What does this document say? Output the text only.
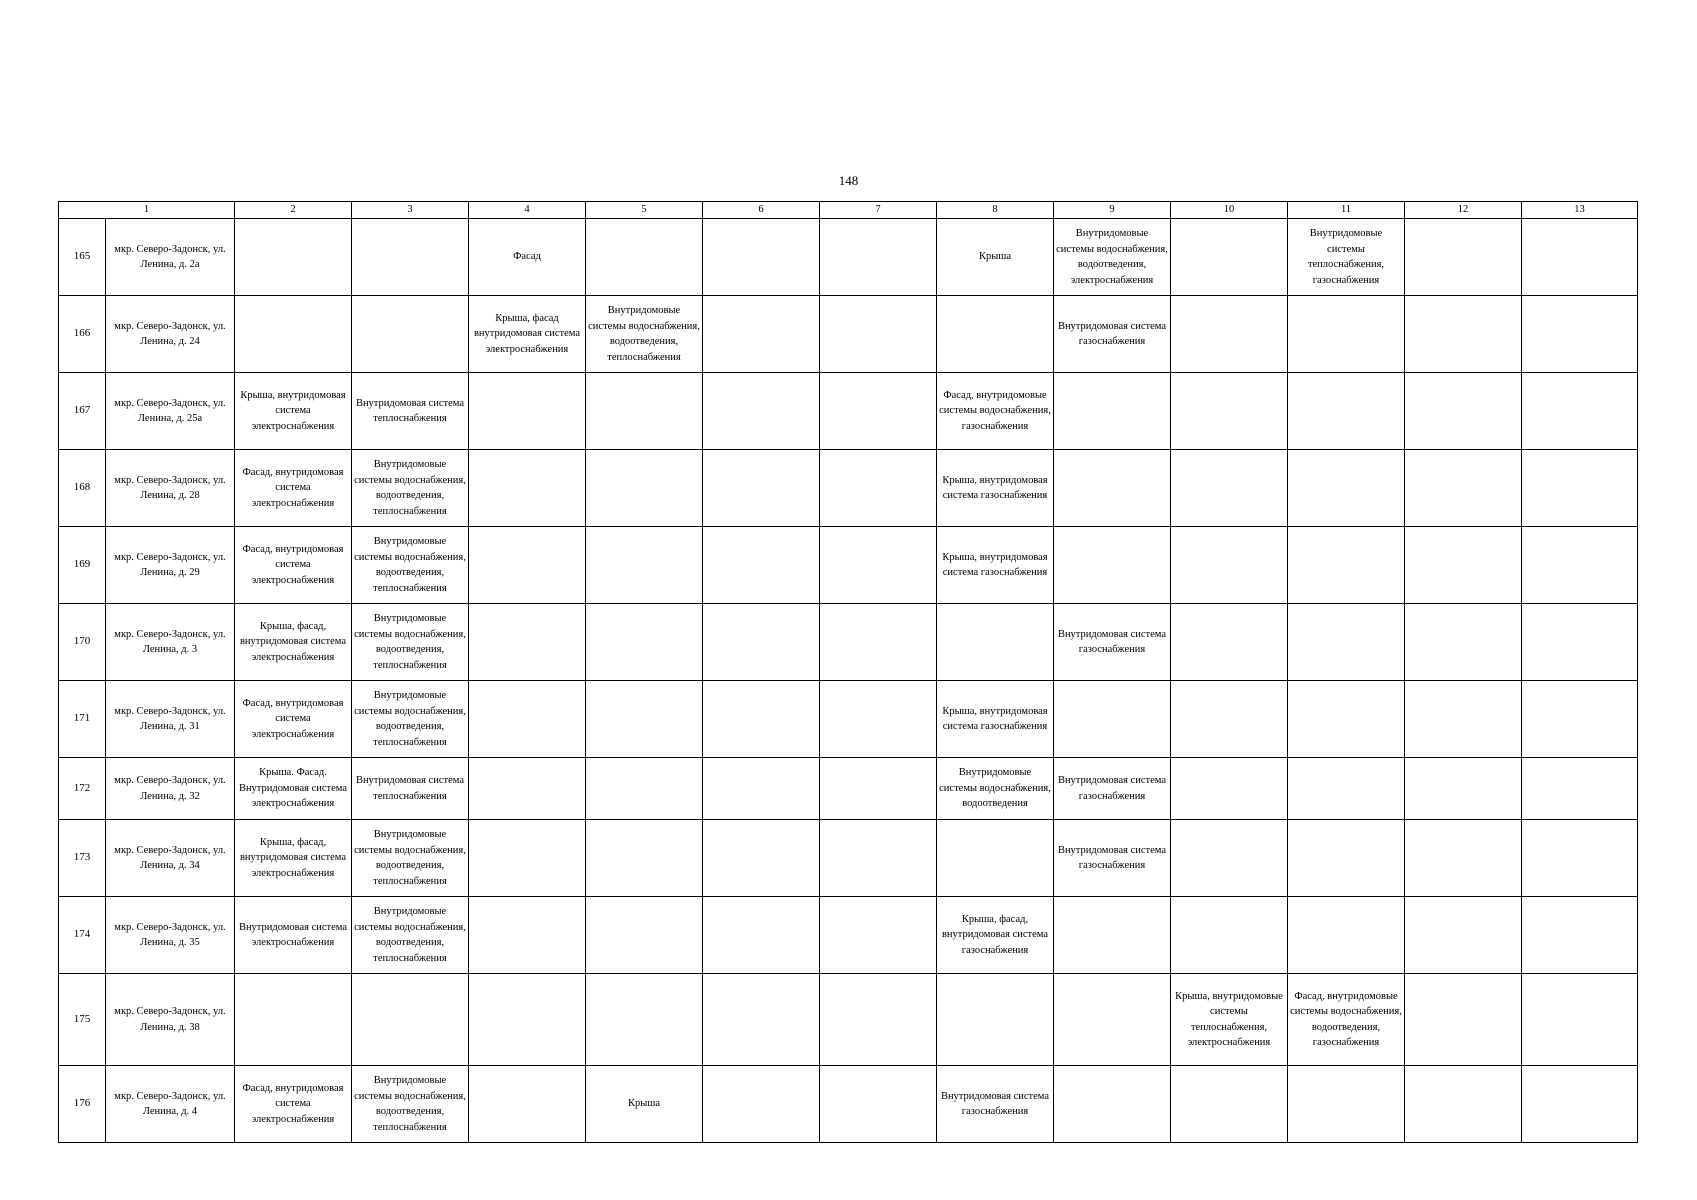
148
1		2	3	4	5	6	7	8	9	10	11	12	13
165	мкр. Северо-Задонск, ул. Ленина, д. 2а			Фасад				Крыша	Внутридомовые системы водоснабжения, водоотведения, электроснабжения		Внутридомовые системы теплоснабжения, газоснабжения		

166	мкр. Северо-Задонск, ул. Ленина, д. 24			Крыша, фасад внутридомовая система электроснабжения	Внутридомовые системы водоснабжения, водоотведения, теплоснабжения				Внутридомовая система газоснабжения				

167	мкр. Северо-Задонск, ул. Ленина, д. 25а	Крыша, внутридомовая система электроснабжения	Внутридомовая система теплоснабжения					Фасад, внутридомовые системы водоснабжения, газоснабжения					

168	мкр. Северо-Задонск, ул. Ленина, д. 28	Фасад, внутридомовая система электроснабжения	Внутридомовые системы водоснабжения, водоотведения, теплоснабжения					Крыша, внутридомовая система газоснабжения					

169	мкр. Северо-Задонск, ул. Ленина, д. 29	Фасад, внутридомовая система электроснабжения	Внутридомовые системы водоснабжения, водоотведения, теплоснабжения					Крыша, внутридомовая система газоснабжения					

170	мкр. Северо-Задонск, ул. Ленина, д. 3	Крыша, фасад, внутридомовая система электроснабжения	Внутридомовые системы водоснабжения, водоотведения, теплоснабжения						Внутридомовая система газоснабжения				

171	мкр. Северо-Задонск, ул. Ленина, д. 31	Фасад, внутридомовая система электроснабжения	Внутридомовые системы водоснабжения, водоотведения, теплоснабжения					Крыша, внутридомовая система газоснабжения					

172	мкр. Северо-Задонск, ул. Ленина, д. 32	Крыша. Фасад. Внутридомовая система электроснабжения	Внутридомовая система теплоснабжения					Внутридомовые системы водоснабжения, водоотведения	Внутридомовая система газоснабжения				

173	мкр. Северо-Задонск, ул. Ленина, д. 34	Крыша, фасад, внутридомовая система электроснабжения	Внутридомовые системы водоснабжения, водоотведения, теплоснабжения						Внутридомовая система газоснабжения				

174	мкр. Северо-Задонск, ул. Ленина, д. 35	Внутридомовая система электроснабжения	Внутридомовые системы водоснабжения, водоотведения, теплоснабжения					Крыша, фасад, внутридомовая система газоснабжения					

175	мкр. Северо-Задонск, ул. Ленина, д. 38									Крыша, внутридомовые системы теплоснабжения, электроснабжения	Фасад, внутридомовые системы водоснабжения, водоотведения, газоснабжения		

176	мкр. Северо-Задонск, ул. Ленина, д. 4	Фасад, внутридомовая система электроснабжения	Внутридомовые системы водоснабжения, водоотведения, теплоснабжения		Крыша			Внутридомовая система газоснабжения					
